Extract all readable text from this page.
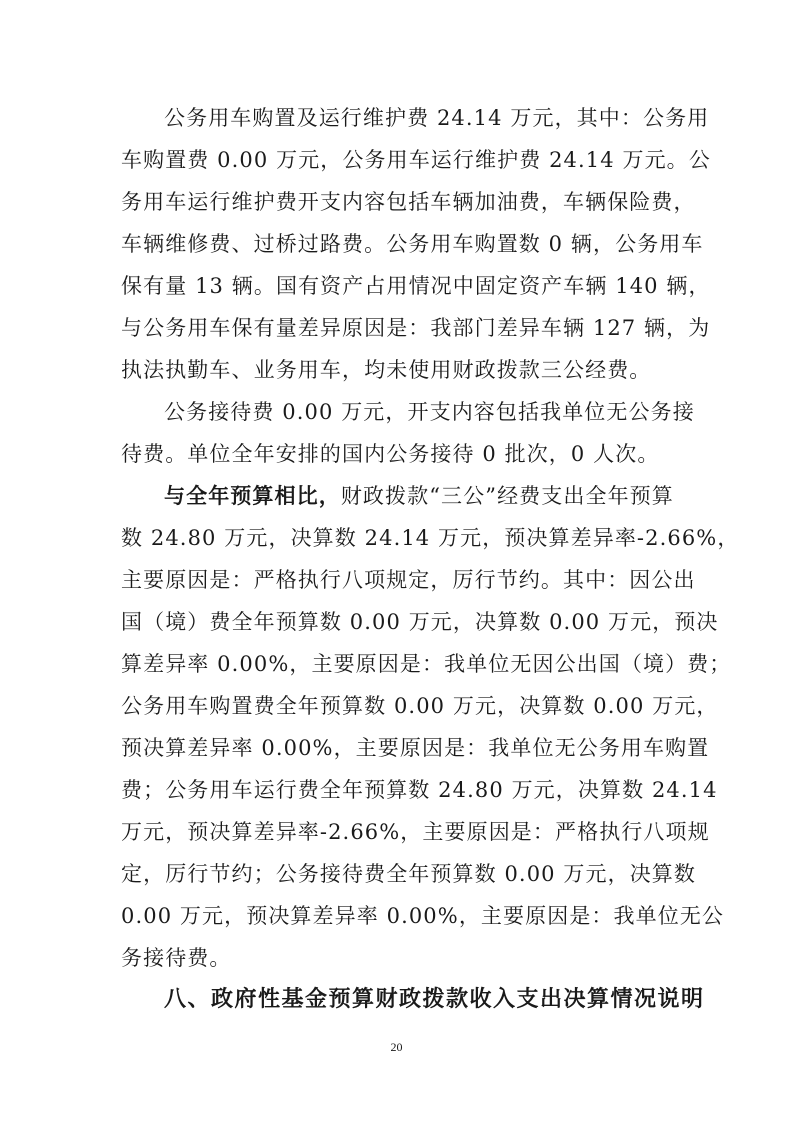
公务用车购置及运行维护费 24.14 万元，其中：公务用
车购置费 0.00 万元，公务用车运行维护费 24.14 万元。公
务用车运行维护费开支内容包括车辆加油费，车辆保险费，
车辆维修费、过桥过路费。公务用车购置数 0 辆，公务用车
保有量 13 辆。国有资产占用情况中固定资产车辆 140 辆，
与公务用车保有量差异原因是：我部门差异车辆 127 辆，为
执法执勤车、业务用车，均未使用财政拨款三公经费。
公务接待费 0.00 万元，开支内容包括我单位无公务接
待费。单位全年安排的国内公务接待 0 批次，0 人次。
与全年预算相比，财政拨款“三公”经费支出全年预算
数 24.80 万元，决算数 24.14 万元，预决算差异率-2.66%，
主要原因是：严格执行八项规定，厉行节约。其中：因公出
国（境）费全年预算数 0.00 万元，决算数 0.00 万元，预决
算差异率 0.00%，主要原因是：我单位无因公出国（境）费；
公务用车购置费全年预算数 0.00 万元，决算数 0.00 万元，
预决算差异率 0.00%，主要原因是：我单位无公务用车购置
费；公务用车运行费全年预算数 24.80 万元，决算数 24.14
万元，预决算差异率-2.66%，主要原因是：严格执行八项规
定，厉行节约；公务接待费全年预算数 0.00 万元，决算数
0.00 万元，预决算差异率 0.00%，主要原因是：我单位无公
务接待费。
八、政府性基金预算财政拨款收入支出决算情况说明
20
